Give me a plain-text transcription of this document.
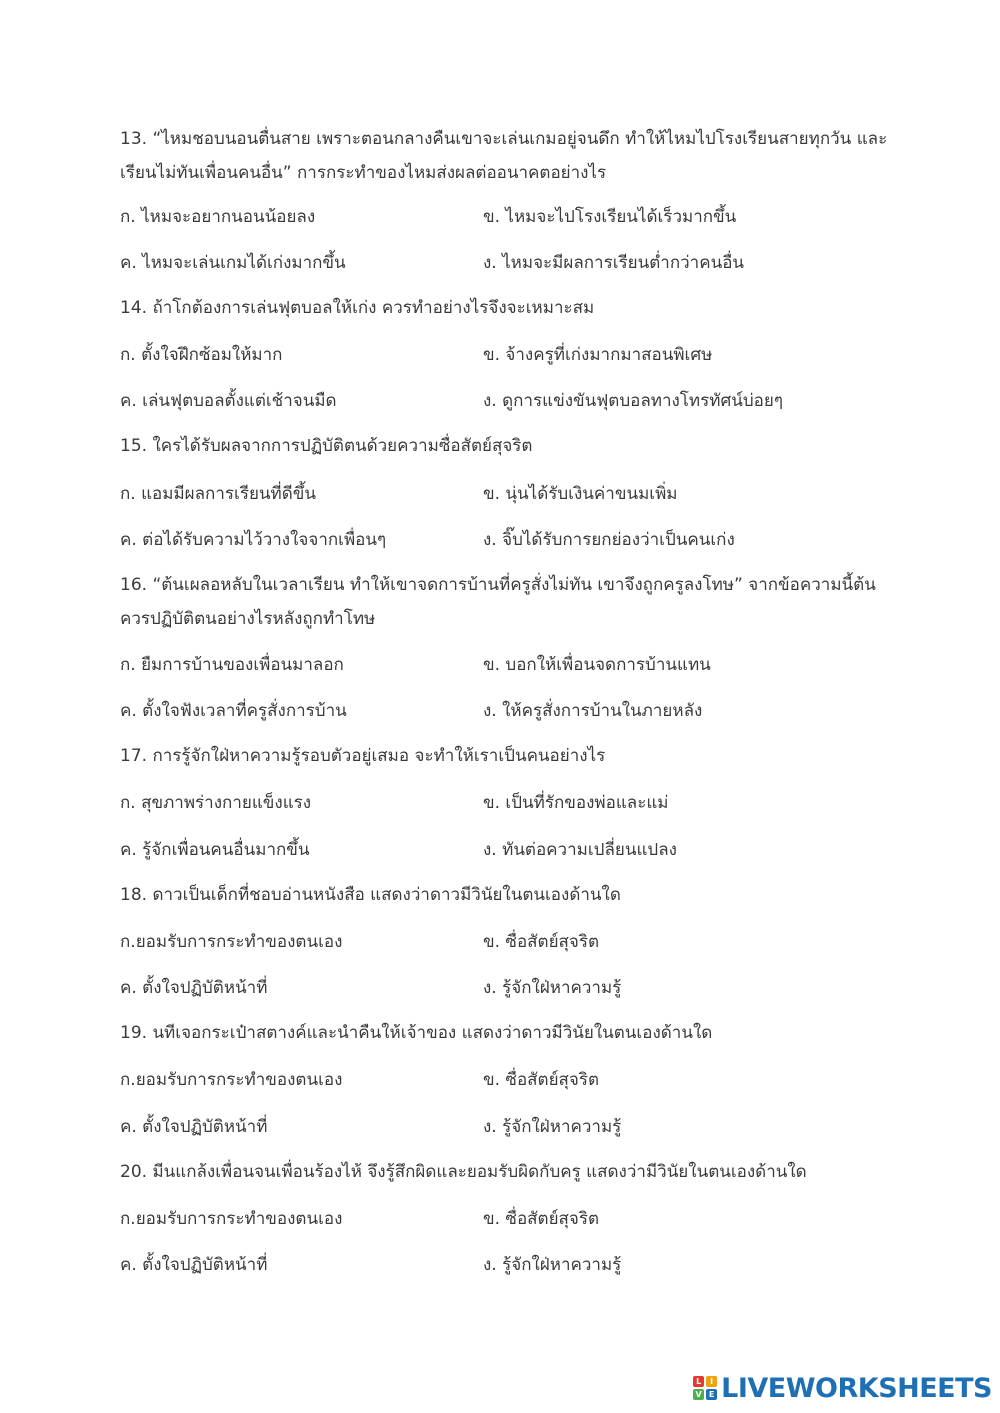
13. “ไหมชอบนอนตื่นสาย เพราะตอนกลางคืนเขาจะเล่นเกมอยู่จนดึก ทำให้ไหมไปโรงเรียนสายทุกวัน และเรียนไม่ทันเพื่อนคนอื่น” การกระทำของไหมส่งผลต่ออนาคตอย่างไร
ก. ไหมจะอยากนอนน้อยลง	ข. ไหมจะไปโรงเรียนได้เร็วมากขึ้น
ค. ไหมจะเล่นเกมได้เก่งมากขึ้น	ง. ไหมจะมีผลการเรียนต่ำกว่าคนอื่น
14. ถ้าโกต้องการเล่นฟุตบอลให้เก่ง ควรทำอย่างไรจึงจะเหมาะสม
ก. ตั้งใจฝึกซ้อมให้มาก	ข. จ้างครูที่เก่งมากมาสอนพิเศษ
ค. เล่นฟุตบอลตั้งแต่เช้าจนมืด	ง. ดูการแข่งขันฟุตบอลทางโทรทัศน์บ่อยๆ
15. ใครได้รับผลจากการปฏิบัติตนด้วยความซื่อสัตย์สุจริต
ก. แอมมีผลการเรียนที่ดีขึ้น	ข. นุ่นได้รับเงินค่าขนมเพิ่ม
ค. ต่อได้รับความไว้วางใจจากเพื่อนๆ	ง. จิ๊บได้รับการยกย่องว่าเป็นคนเก่ง
16. “ต้นเผลอหลับในเวลาเรียน ทำให้เขาจดการบ้านที่ครูสั่งไม่ทัน เขาจึงถูกครูลงโทษ” จากข้อความนี้ต้นควรปฏิบัติตนอย่างไรหลังถูกทำโทษ
ก. ยืมการบ้านของเพื่อนมาลอก	ข. บอกให้เพื่อนจดการบ้านแทน
ค. ตั้งใจฟังเวลาที่ครูสั่งการบ้าน	ง. ให้ครูสั่งการบ้านในภายหลัง
17. การรู้จักใฝ่หาความรู้รอบตัวอยู่เสมอ จะทำให้เราเป็นคนอย่างไร
ก. สุขภาพร่างกายแข็งแรง	ข. เป็นที่รักของพ่อและแม่
ค. รู้จักเพื่อนคนอื่นมากขึ้น	ง. ทันต่อความเปลี่ยนแปลง
18. ดาวเป็นเด็กที่ชอบอ่านหนังสือ แสดงว่าดาวมีวินัยในตนเองด้านใด
ก.ยอมรับการกระทำของตนเอง	ข. ซื่อสัตย์สุจริต
ค. ตั้งใจปฏิบัติหน้าที่	ง. รู้จักใฝ่หาความรู้
19. นทีเจอกระเป๋าสตางค์และนำคืนให้เจ้าของ แสดงว่าดาวมีวินัยในตนเองด้านใด
ก.ยอมรับการกระทำของตนเอง	ข. ซื่อสัตย์สุจริต
ค. ตั้งใจปฏิบัติหน้าที่	ง. รู้จักใฝ่หาความรู้
20. มีนแกล้งเพื่อนจนเพื่อนร้องไห้ จึงรู้สึกผิดและยอมรับผิดกับครู แสดงว่ามีวินัยในตนเองด้านใด
ก.ยอมรับการกระทำของตนเอง	ข. ซื่อสัตย์สุจริต
ค. ตั้งใจปฏิบัติหน้าที่	ง. รู้จักใฝ่หาความรู้
L	I
V E LIVEWORKSHEETS
